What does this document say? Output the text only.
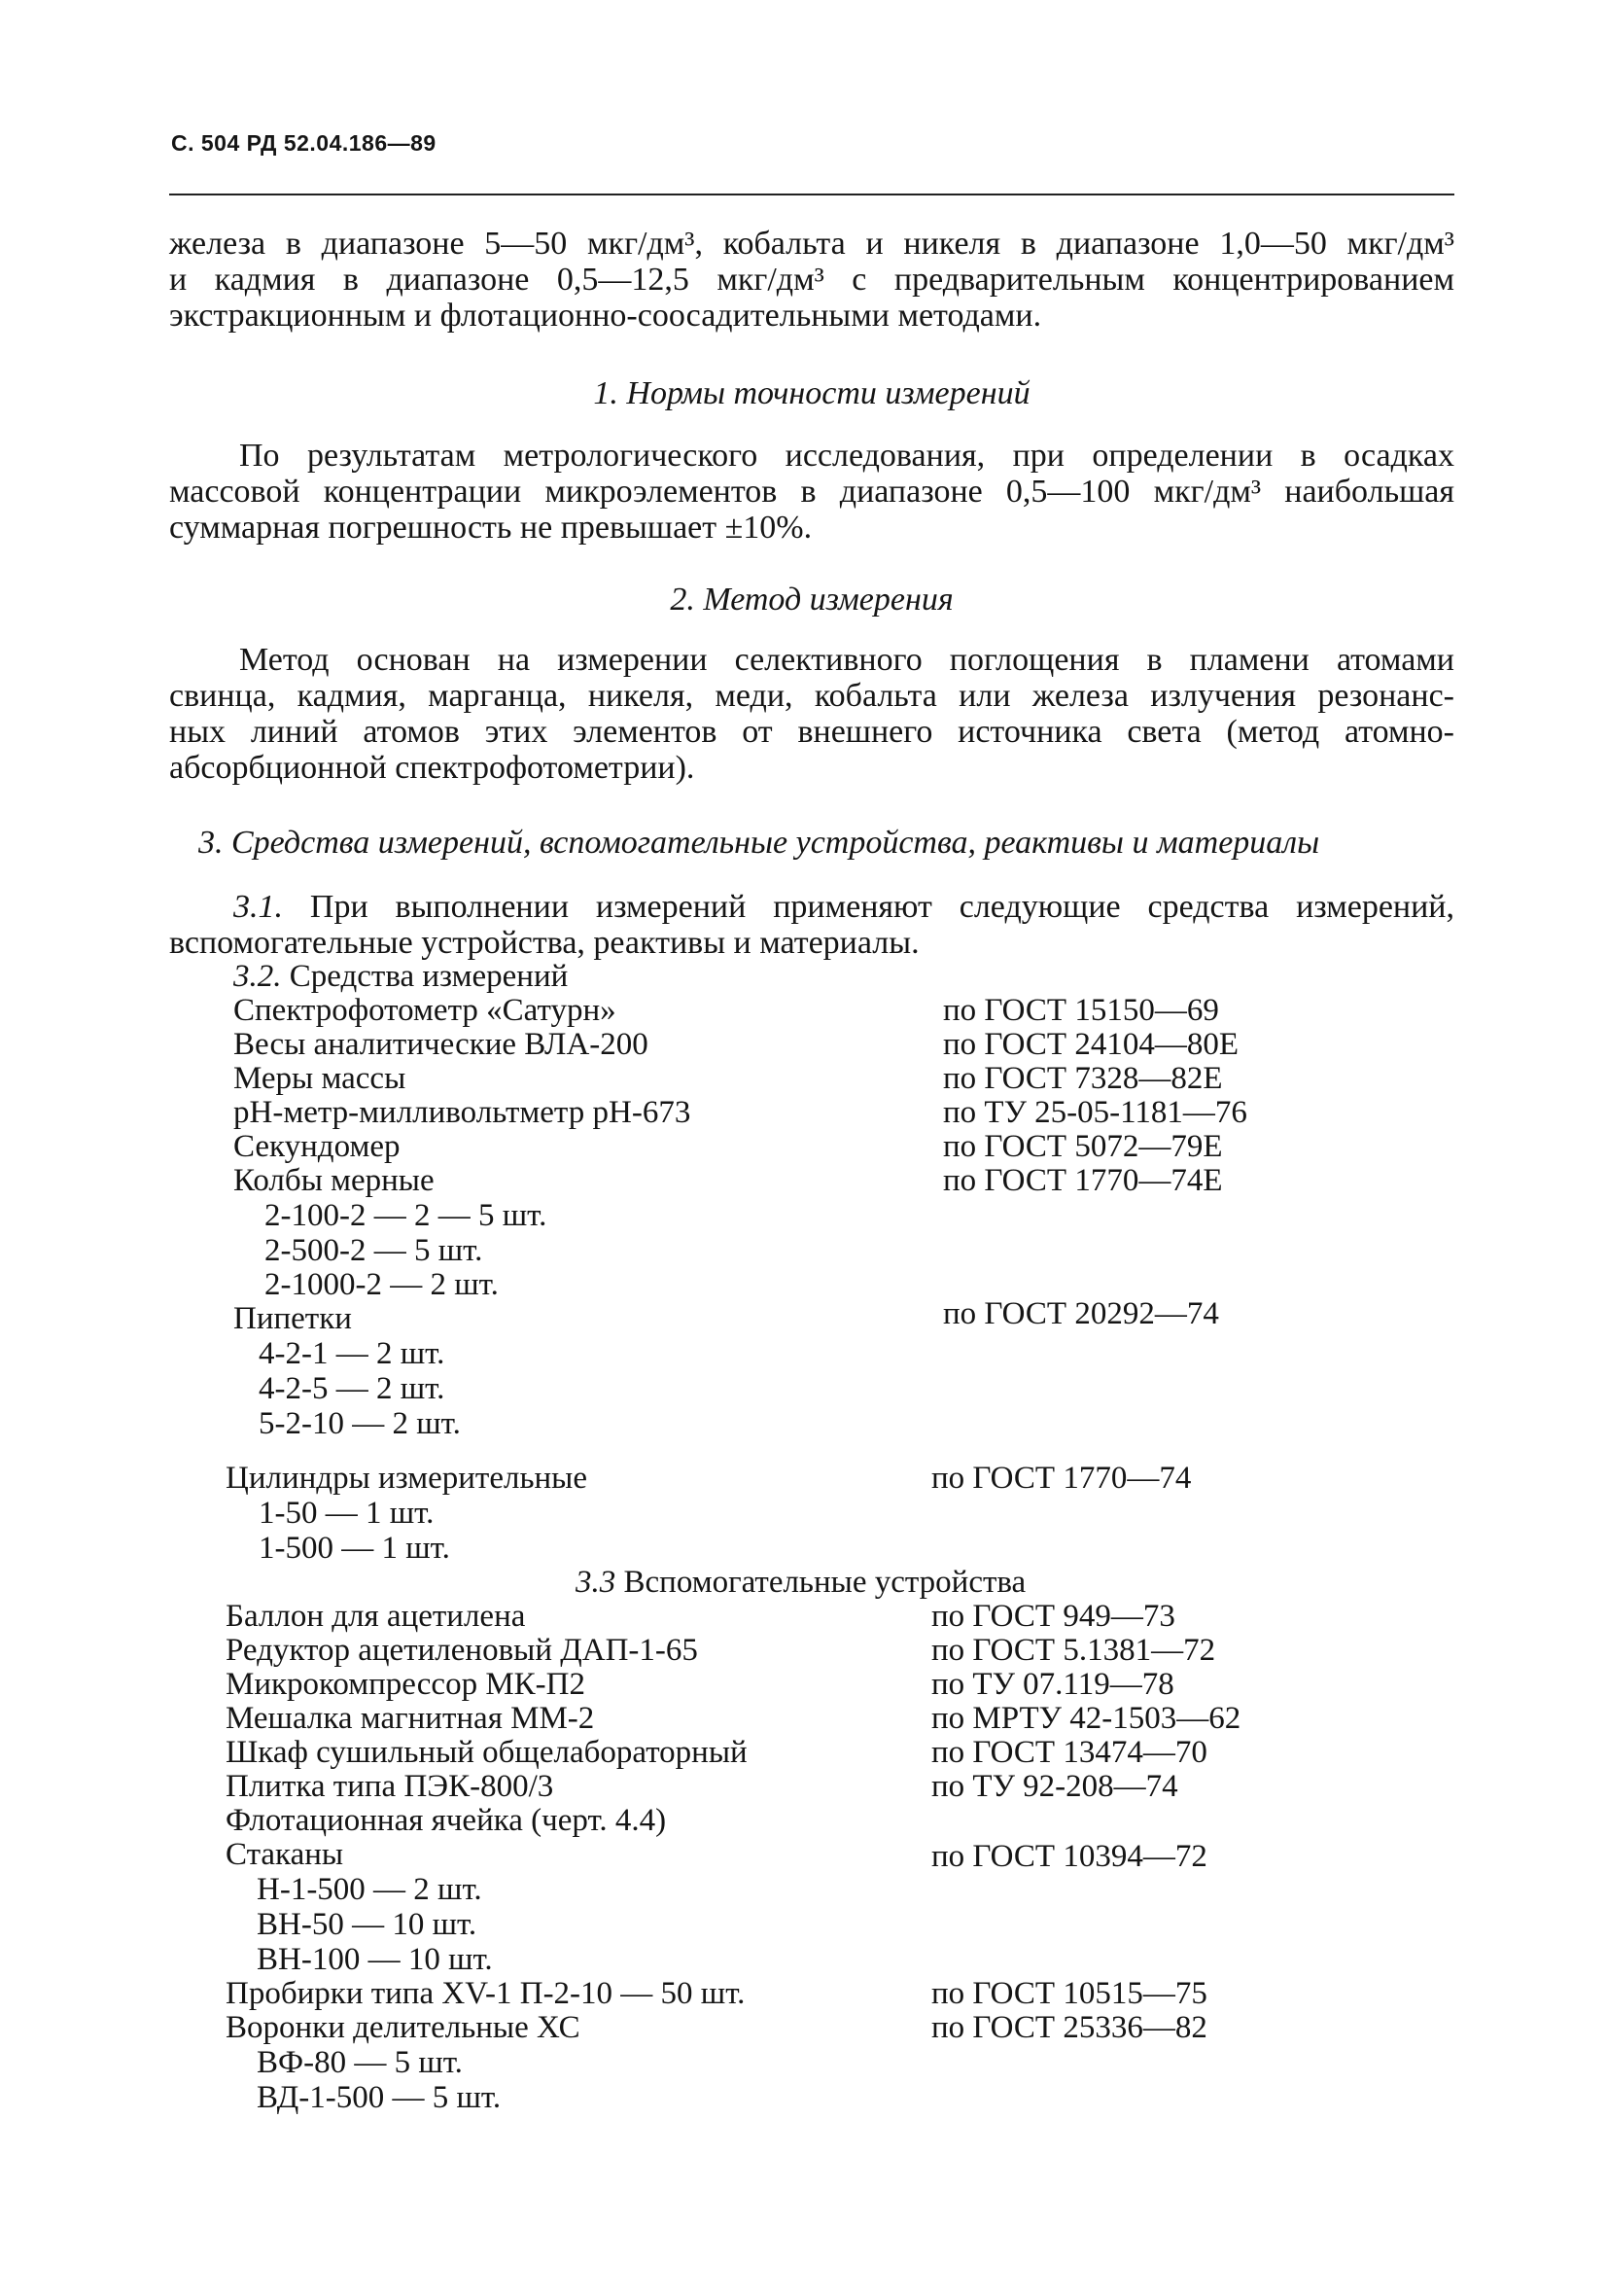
С. 504 РД 52.04.186—89
железа в диапазоне 5—50 мкг/дм³, кобальта и никеля в диапазоне 1,0—50 мкг/дм³
и кадмия в диапазоне 0,5—12,5 мкг/дм³ с предварительным концентрированием
экстракционным и флотационно-соосадительными методами.
1. Нормы точности измерений
По результатам метрологического исследования, при определении в осадках
массовой концентрации микроэлементов в диапазоне 0,5—100 мкг/дм³ наибольшая
суммарная погрешность не превышает ±10%.
2. Метод измерения
Метод основан на измерении селективного поглощения в пламени атомами
свинца, кадмия, марганца, никеля, меди, кобальта или железа излучения резонанс-
ных линий атомов этих элементов от внешнего источника света (метод атомно-
абсорбционной спектрофотометрии).
3. Средства измерений, вспомогательные устройства, реактивы и материалы
3.1. При выполнении измерений применяют следующие средства измерений,
вспомогательные устройства, реактивы и материалы.
3.2. Средства измерений
Спектрофотометр «Сатурн»	по ГОСТ 15150—69
Весы аналитические ВЛА-200	по ГОСТ 24104—80Е
Меры массы	по ГОСТ 7328—82Е
рН-метр-милливольтметр рН-673	по ТУ 25-05-1181—76
Секундомер	по ГОСТ 5072—79Е
Колбы мерные	по ГОСТ 1770—74Е
2-100-2 — 2 — 5 шт.
2-500-2 — 5 шт.
2-1000-2 — 2 шт.
Пипетки	по ГОСТ 20292—74
4-2-1 — 2 шт.
4-2-5 — 2 шт.
5-2-10 — 2 шт.
Цилиндры измерительные	по ГОСТ 1770—74
1-50 — 1 шт.
1-500 — 1 шт.
3.3 Вспомогательные устройства
Баллон для ацетилена	по ГОСТ 949—73
Редуктор ацетиленовый ДАП-1-65	по ГОСТ 5.1381—72
Микрокомпрессор МК-П2	по ТУ 07.119—78
Мешалка магнитная ММ-2	по МРТУ 42-1503—62
Шкаф сушильный общелабораторный	по ГОСТ 13474—70
Плитка типа ПЭК-800/3	по ТУ 92-208—74
Флотационная ячейка (черт. 4.4)
Стаканы	по ГОСТ 10394—72
Н-1-500 — 2 шт.
ВН-50 — 10 шт.
ВН-100 — 10 шт.
Пробирки типа XV-1 П-2-10 — 50 шт.	по ГОСТ 10515—75
Воронки делительные ХС	по ГОСТ 25336—82
ВФ-80 — 5 шт.
ВД-1-500 — 5 шт.
